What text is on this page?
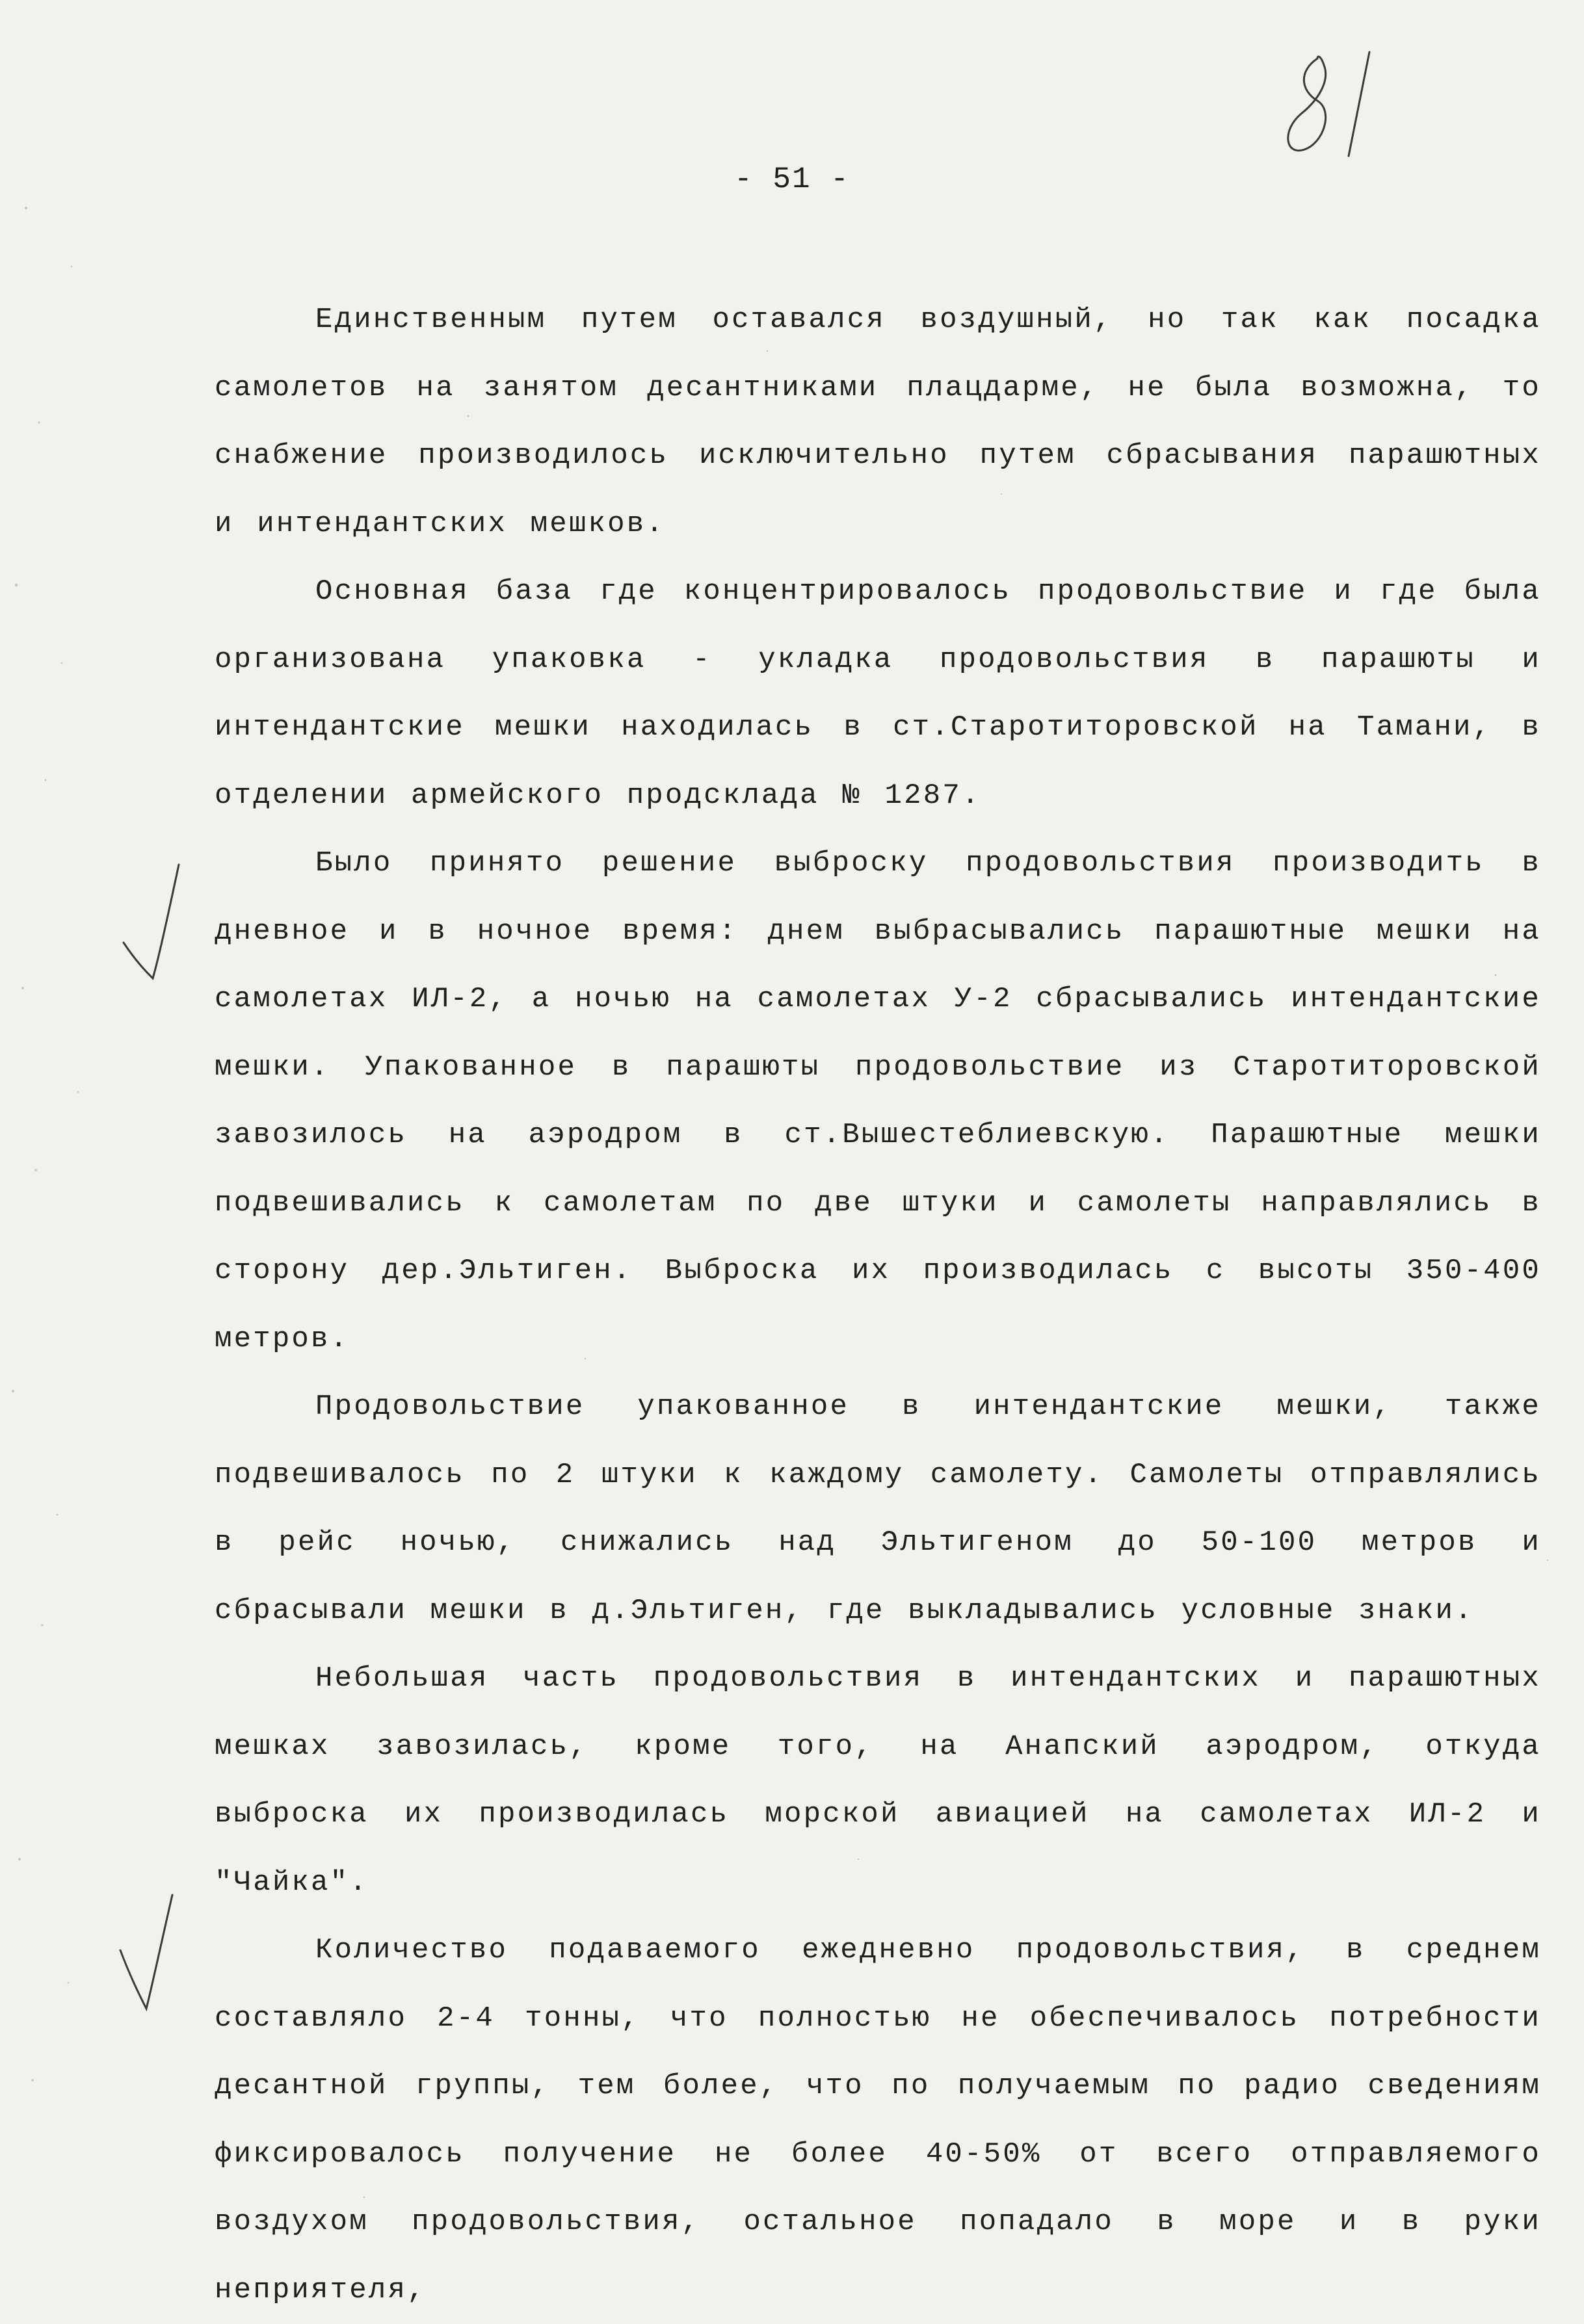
81
- 51 -

Единственным путем оставался воздушный, но так как посадка самолетов на занятом десантниками плацдарме, не была возможна, то снабжение производилось исключительно путем сбрасывания парашютных и интендантских мешков.

Основная база где концентрировалось продовольствие и где была организована упаковка - укладка продовольствия в парашюты и интендантские мешки находилась в ст.Старотиторовской на Тамани, в отделении армейского продсклада № 1287.

Было принято решение выброску продовольствия производить в дневное и в ночное время: днем выбрасывались парашютные мешки на самолетах ИЛ-2, а ночью на самолетах У-2 сбрасывались интендантские мешки. Упакованное в парашюты продовольствие из Старотиторовской завозилось на аэродром в ст.Вышестеблиевскую. Парашютные мешки подвешивались к самолетам по две штуки и самолеты направлялись в сторону дер.Эльтиген. Выброска их производилась с высоты 350-400 метров.

Продовольствие упакованное в интендантские мешки, также подвешивалось по 2 штуки к каждому самолету. Самолеты отправлялись в рейс ночью, снижались над Эльтигеном до 50-100 метров и сбрасывали мешки в д.Эльтиген, где выкладывались условные знаки.

Небольшая часть продовольствия в интендантских и парашютных мешках завозилась, кроме того, на Анапский аэродром, откуда выброска их производилась морской авиацией на самолетах ИЛ-2 и "Чайка".

Количество подаваемого ежедневно продовольствия, в среднем составляло 2-4 тонны, что полностью не обеспечивалось потребности десантной группы, тем более, что по получаемым по радио сведениям фиксировалось получение не более 40-50% от всего отправляемого воздухом продовольствия, остальное попадало в море и в руки неприятеля,
